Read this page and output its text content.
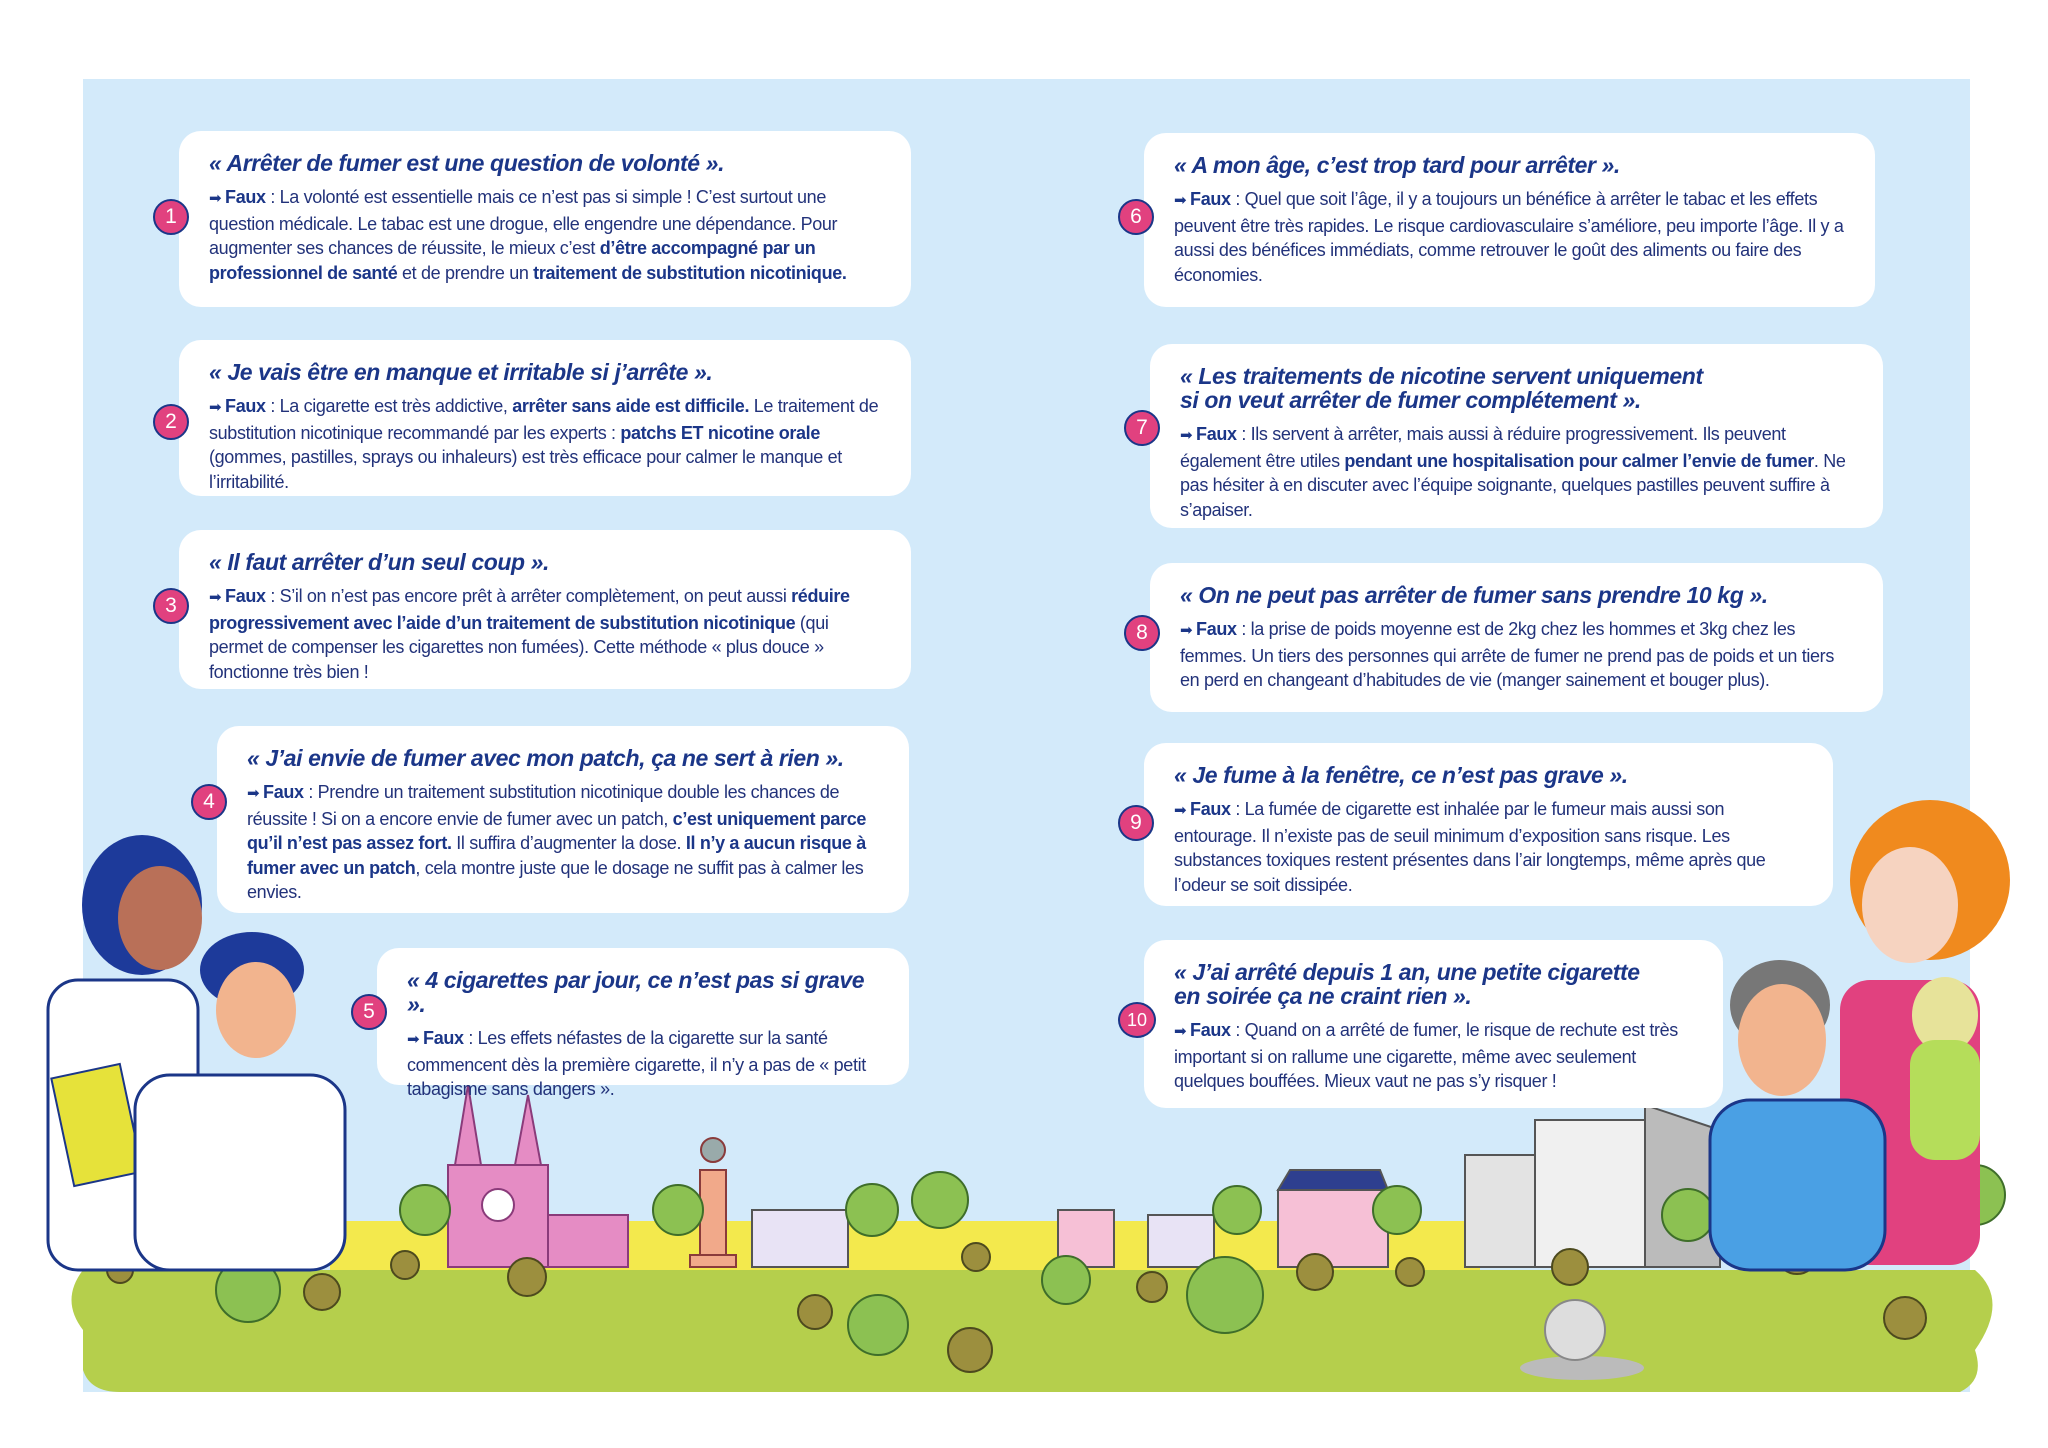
1
« Arrêter de fumer est une question de volonté ».
➡ Faux : La volonté est essentielle mais ce n’est pas si simple ! C’est surtout une question médicale. Le tabac est une drogue, elle engendre une dépendance. Pour augmenter ses chances de réussite, le mieux c’est d’être accompagné par un professionnel de santé et de prendre un traitement de substitution nicotinique.
2
« Je vais être en manque et irritable si j’arrête ».
➡ Faux : La cigarette est très addictive, arrêter sans aide est difficile. Le traitement de substitution nicotinique recommandé par les experts : patchs ET nicotine orale (gommes, pastilles, sprays ou inhaleurs) est très efficace pour calmer le manque et l’irritabilité.
3
« Il faut arrêter d’un seul coup ».
➡ Faux : S’il on n’est pas encore prêt à arrêter complètement, on peut aussi réduire progressivement avec l’aide d’un traitement de substitution nicotinique (qui permet de compenser les cigarettes non fumées). Cette méthode « plus douce » fonctionne très bien !
4
« J’ai envie de fumer avec mon patch, ça ne sert à rien ».
➡ Faux : Prendre un traitement substitution nicotinique double les chances de réussite ! Si on a encore envie de fumer avec un patch, c’est uniquement parce qu’il n’est pas assez fort. Il suffira d’augmenter la dose. Il n’y a aucun risque à fumer avec un patch, cela montre juste que le dosage ne suffit pas à calmer les envies.
5
« 4 cigarettes par jour, ce n’est pas si grave ».
➡ Faux : Les effets néfastes de la cigarette sur la santé commencent dès la première cigarette, il n’y a pas de « petit tabagisme sans dangers ».
6
« A mon âge, c’est trop tard pour arrêter ».
➡ Faux : Quel que soit l’âge, il y a toujours un bénéfice à arrêter le tabac et les effets peuvent être très rapides. Le risque cardiovasculaire s’améliore, peu importe l’âge. Il y a aussi des bénéfices immédiats, comme retrouver le goût des aliments ou faire des économies.
7
« Les traitements de nicotine servent uniquement
si on veut arrêter de fumer complétement ».
➡ Faux : Ils servent à arrêter, mais aussi à réduire progressivement. Ils peuvent également être utiles pendant une hospitalisation pour calmer l’envie de fumer. Ne pas hésiter à en discuter avec l’équipe soignante, quelques pastilles peuvent suffire à s’apaiser.
8
« On ne peut pas arrêter de fumer sans prendre 10 kg ».
➡ Faux : la prise de poids moyenne est de 2kg chez les hommes et 3kg chez les femmes. Un tiers des personnes qui arrête de fumer ne prend pas de poids et un tiers en perd en changeant d’habitudes de vie (manger sainement et bouger plus).
9
« Je fume à la fenêtre, ce n’est pas grave ».
➡ Faux : La fumée de cigarette est inhalée par le fumeur mais aussi son entourage. Il n’existe pas de seuil minimum d’exposition sans risque. Les substances toxiques restent présentes dans l’air longtemps, même après que l’odeur se soit dissipée.
10
« J’ai arrêté depuis 1 an, une petite cigarette
en soirée ça ne craint rien ».
➡ Faux : Quand on a arrêté de fumer, le risque de rechute est très important si on rallume une cigarette, même avec seulement quelques bouffées. Mieux vaut ne pas s’y risquer !
